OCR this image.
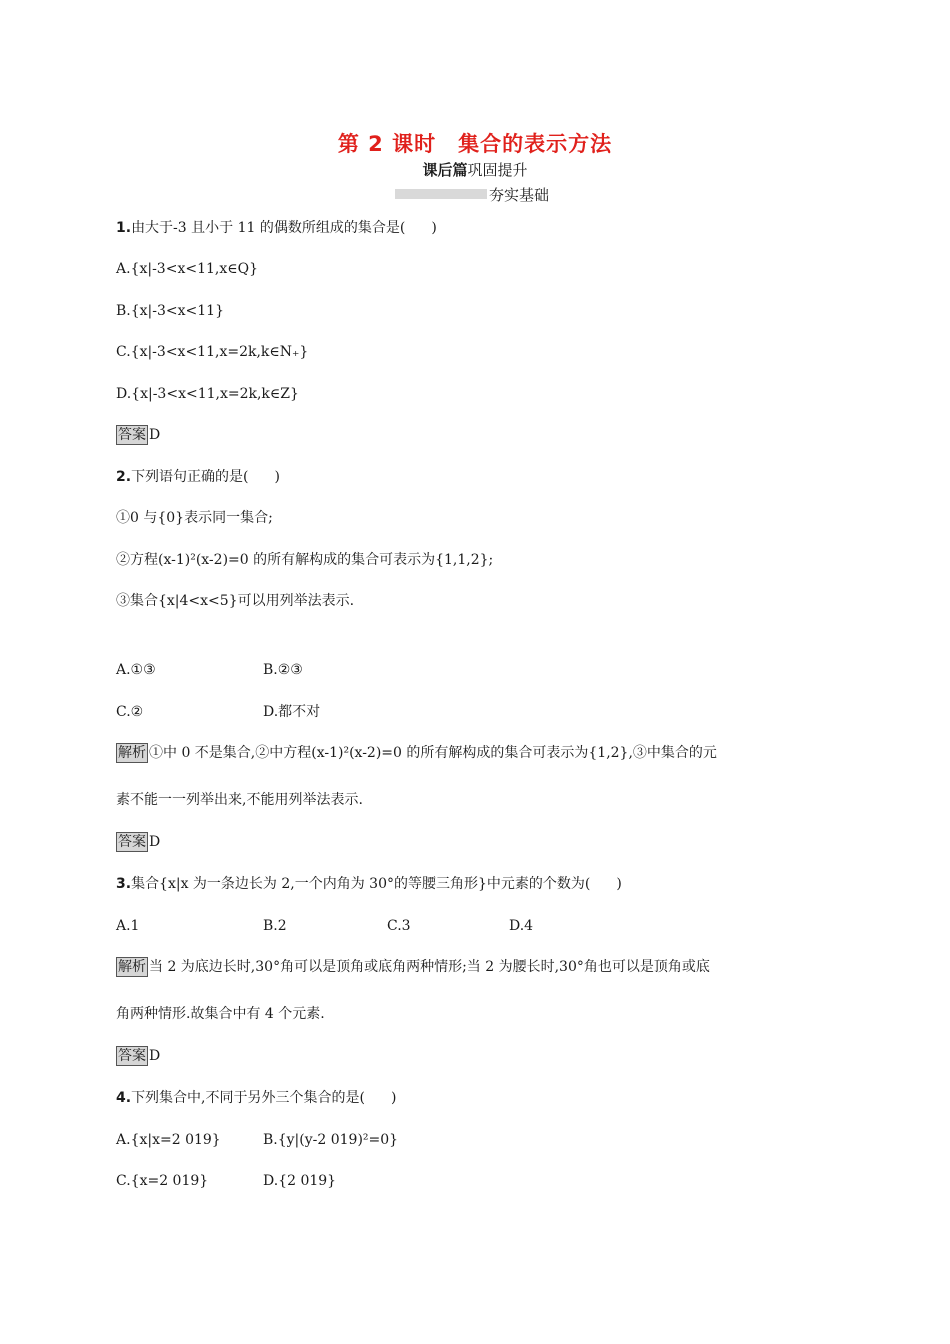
第 2 课时　集合的表示方法
课后篇巩固提升
夯实基础
1.由大于-3 且小于 11 的偶数所组成的集合是( )
A.{x|-3<x<11,x∈Q}
B.{x|-3<x<11}
C.{x|-3<x<11,x=2k,k∈N₊}
D.{x|-3<x<11,x=2k,k∈Z}
答案 D
2.下列语句正确的是( )
①0 与{0}表示同一集合;
②方程(x-1)²(x-2)=0 的所有解构成的集合可表示为{1,1,2};
③集合{x|4<x<5}可以用列举法表示.
A.①③	B.②③
C.②	D.都不对
解析 ①中 0 不是集合,②中方程(x-1)²(x-2)=0 的所有解构成的集合可表示为{1,2},③中集合的元
素不能一一列举出来,不能用列举法表示.
答案 D
3.集合{x|x 为一条边长为 2,一个内角为 30°的等腰三角形}中元素的个数为( )
A.1	B.2	C.3	D.4
解析 当 2 为底边长时,30°角可以是顶角或底角两种情形;当 2 为腰长时,30°角也可以是顶角或底
角两种情形.故集合中有 4 个元素.
答案 D
4.下列集合中,不同于另外三个集合的是( )
A.{x|x=2 019}	B.{y|(y-2 019)²=0}
C.{x=2 019}	D.{2 019}
